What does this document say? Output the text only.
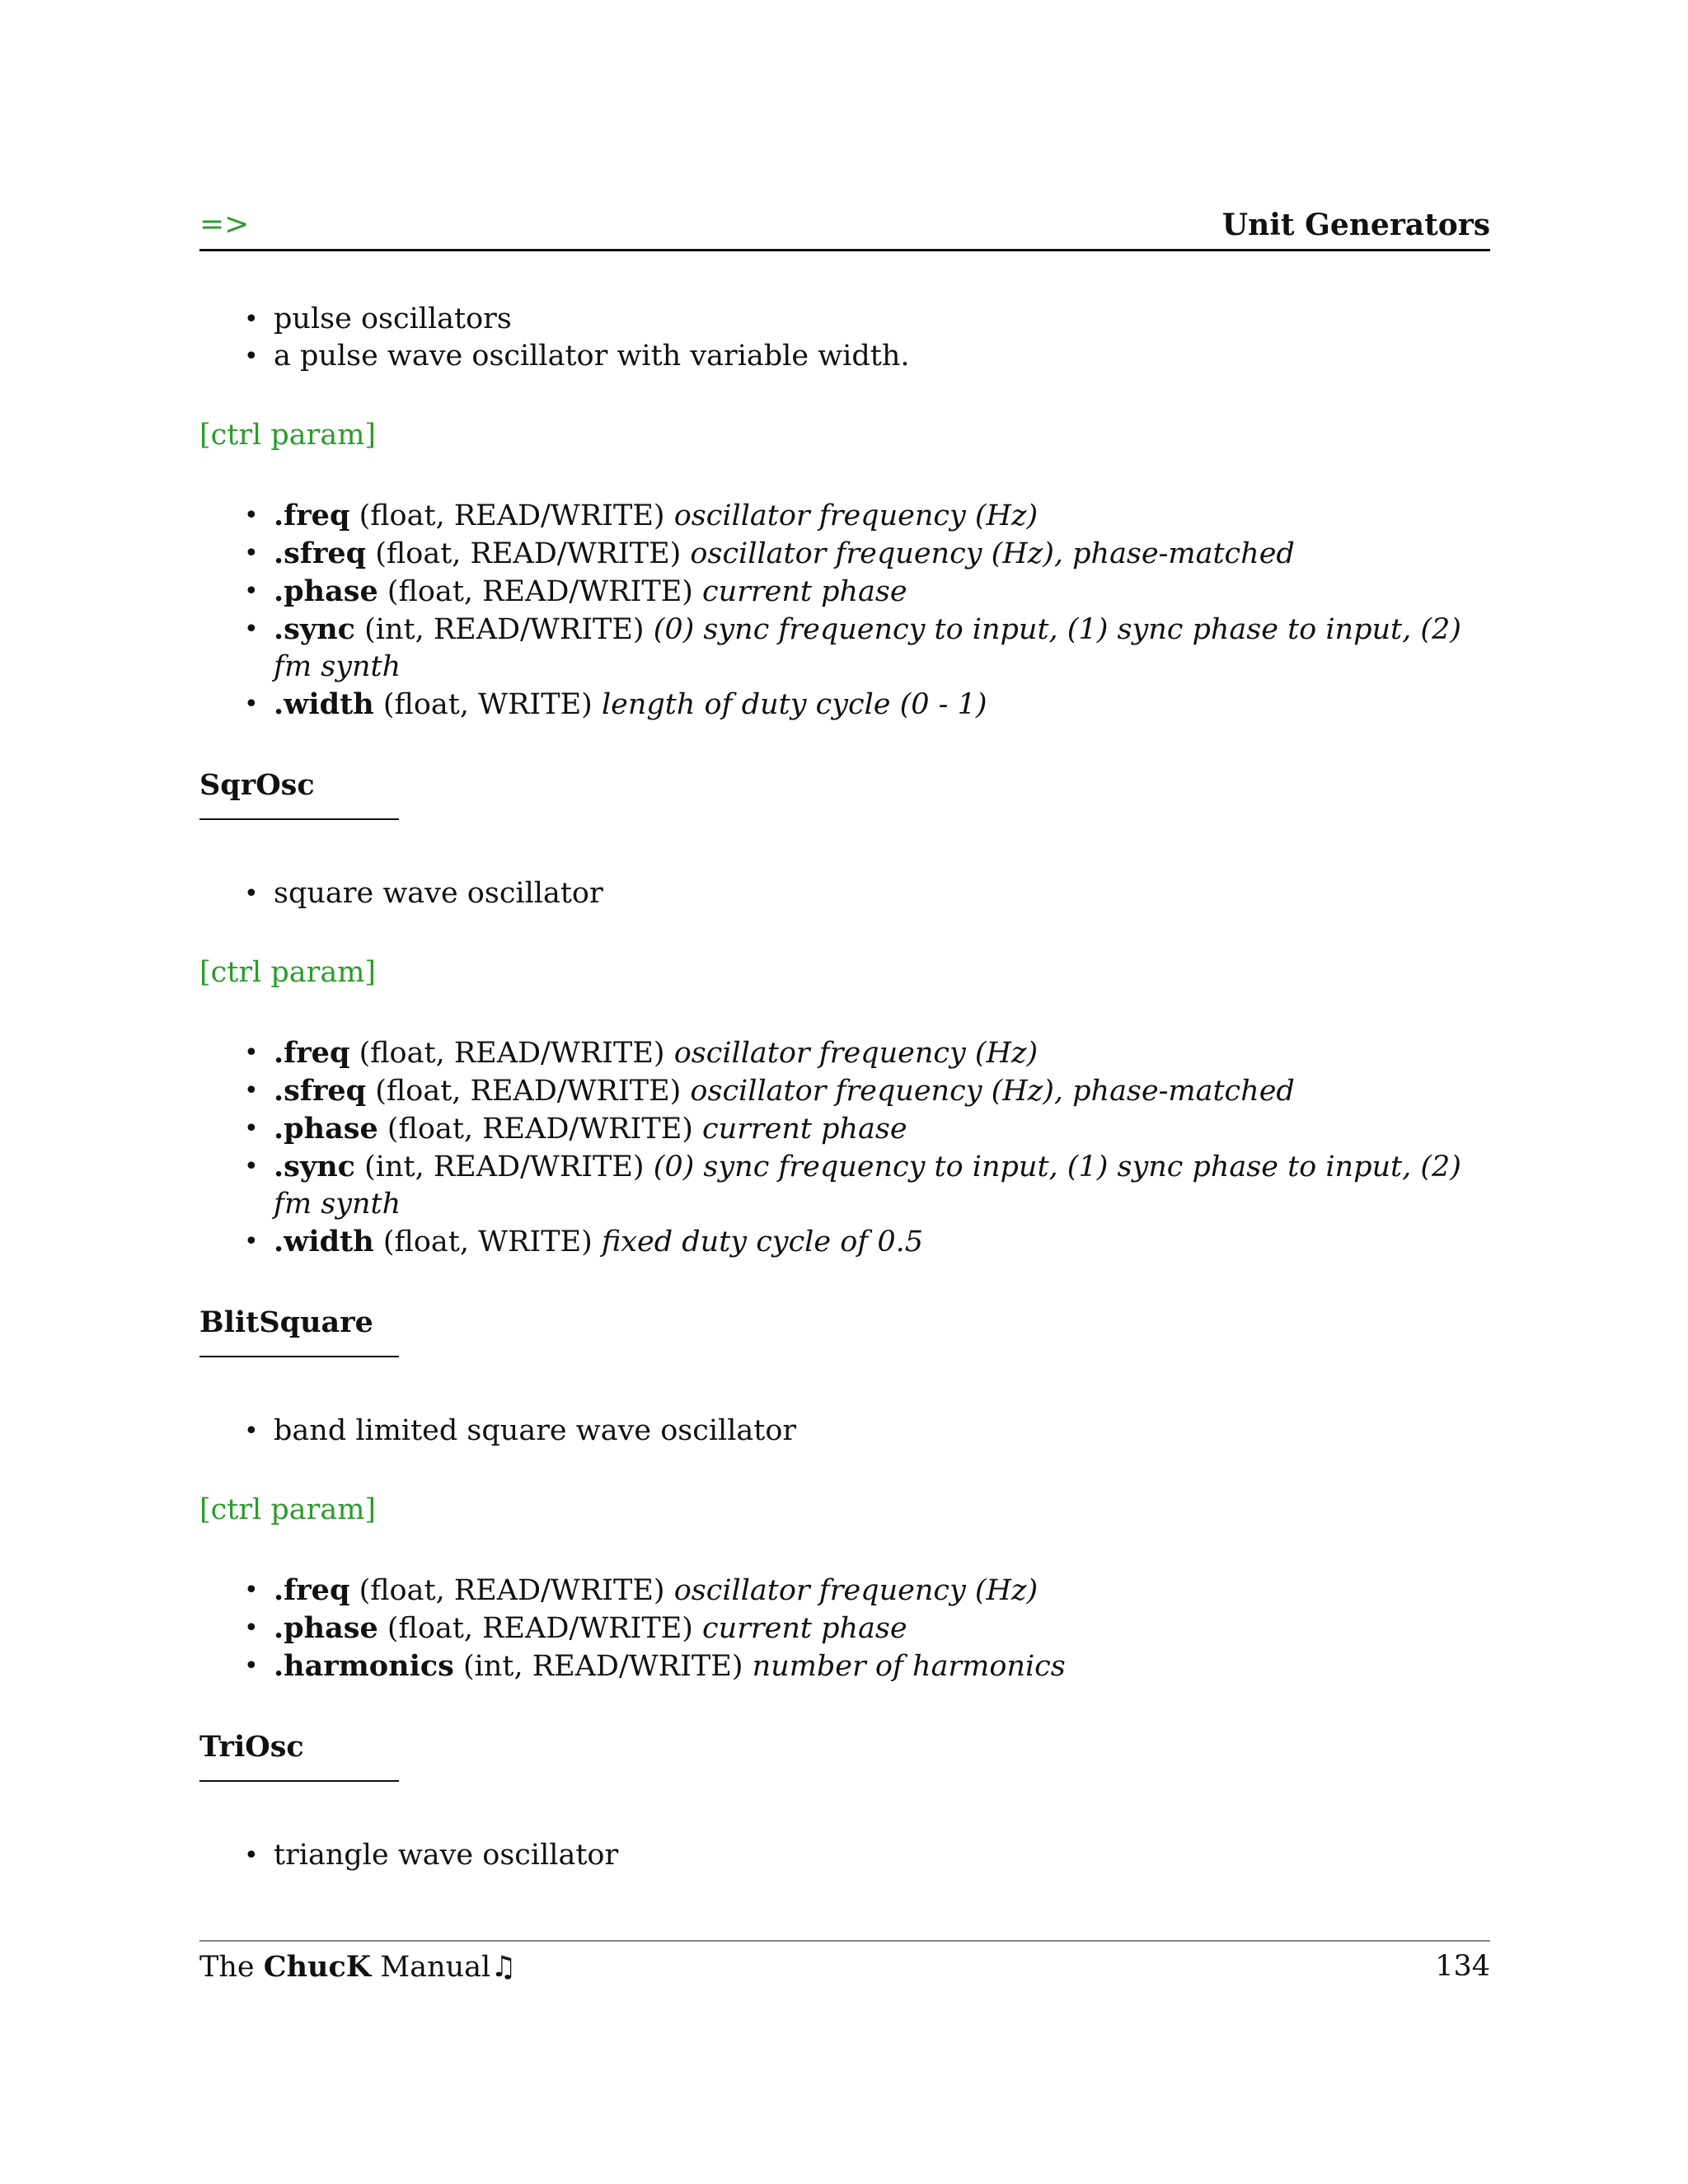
=>	Unit Generators
• pulse oscillators
• a pulse wave oscillator with variable width.
[ctrl param]
• .freq (float, READ/WRITE) oscillator frequency (Hz)
• .sfreq (float, READ/WRITE) oscillator frequency (Hz), phase-matched
• .phase (float, READ/WRITE) current phase
• .sync (int, READ/WRITE) (0) sync frequency to input, (1) sync phase to input, (2) fm synth
• .width (float, WRITE) length of duty cycle (0 - 1)
SqrOsc
• square wave oscillator
[ctrl param]
• .freq (float, READ/WRITE) oscillator frequency (Hz)
• .sfreq (float, READ/WRITE) oscillator frequency (Hz), phase-matched
• .phase (float, READ/WRITE) current phase
• .sync (int, READ/WRITE) (0) sync frequency to input, (1) sync phase to input, (2) fm synth
• .width (float, WRITE) fixed duty cycle of 0.5
BlitSquare
• band limited square wave oscillator
[ctrl param]
• .freq (float, READ/WRITE) oscillator frequency (Hz)
• .phase (float, READ/WRITE) current phase
• .harmonics (int, READ/WRITE) number of harmonics
TriOsc
• triangle wave oscillator
The ChucK Manual♫	134
